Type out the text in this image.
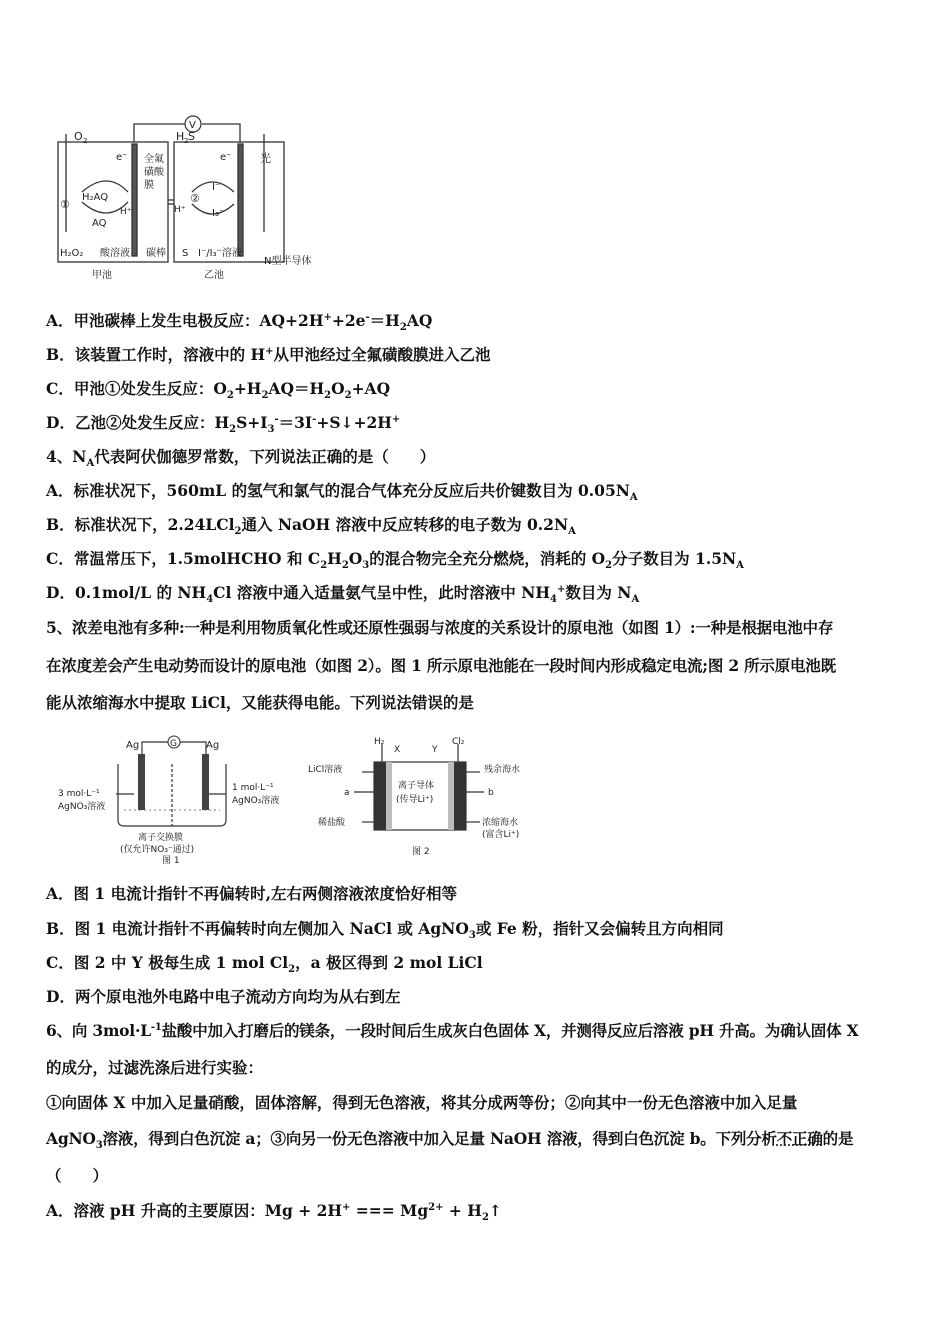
V
O 2
e⁻ 全氟
磺酸
膜
H 2 S
e⁻	光
①
H₂AQ
AQ
H⁺	H⁺
②
I⁻
I₃⁻
H₂O₂ 酸溶液 碳棒 S I⁻/I₃⁻溶液
N型半导体
甲池	乙池
A．甲池碳棒上发生电极反应：$AQ+2H^++2e^-=H_2AQ$
B．该装置工作时，溶液中的 H+从甲池经过全氟磺酸膜进入乙池
C．甲池①处发生反应：$O_2+H_2AQ=H_2O_2+AQ$
D．乙池②处发生反应：$H_2S+I_3^-=3I^-+S↓+2H^+$
4、$N_A$代表阿伏伽德罗常数，下列说法正确的是（　　）
A．标准状况下，560mL 的氢气和氯气的混合气体充分反应后共价键数目为 $0.05N_A$
B．标准状况下，2.24LCl$_2$通入 NaOH 溶液中反应转移的电子数为 $0.2N_A$
C．常温常压下，1.5molHCHO 和 $C_2H_2O_3$的混合物完全充分燃烧，消耗的 $O_2$分子数目为 $1.5N_A$
D．0.1mol/L 的 $NH_4Cl$ 溶液中通入适量氨气呈中性，此时溶液中 $NH_4^+$数目为 $N_A$
5、浓差电池有多种:一种是利用物质氧化性或还原性强弱与浓度的关系设计的原电池（如图 1）:一种是根据电池中存
在浓度差会产生电动势而设计的原电池（如图 2）。图 1 所示原电池能在一段时间内形成稳定电流;图 2 所示原电池既
能从浓缩海水中提取 LiCl，又能获得电能。下列说法错误的是
G
Ag	Ag
3 mol·L⁻¹
AgNO₃溶液
1 mol·L⁻¹
AgNO₃溶液
离子交换膜
(仅允许NO₃⁻通过)
图 1
H₂
X	Y
Cl₂
LiCl溶液
a	b
离子导体
(传导Li⁺)
残余海水
稀盐酸	浓缩海水
(富含Li⁺)
图 2
A．图 1 电流计指针不再偏转时,左右两侧溶液浓度恰好相等
B．图 1 电流计指针不再偏转时向左侧加入 NaCl 或 AgNO$_3$或 Fe 粉，指针又会偏转且方向相同
C．图 2 中 Y 极每生成 1 mol $Cl_2$，a 极区得到 2 mol LiCl
D．两个原电池外电路中电子流动方向均为从右到左
6、向 $3mol\cdot L^{-1}$盐酸中加入打磨后的镁条，一段时间后生成灰白色固体 X，并测得反应后溶液 pH 升高。为确认固体 X
的成分，过滤洗涤后进行实验：
①向固体 X 中加入足量硝酸，固体溶解，得到无色溶液，将其分成两等份；②向其中一份无色溶液中加入足量
AgNO$_3$溶液，得到白色沉淀 a；③向另一份无色溶液中加入足量 NaOH 溶液，得到白色沉淀 b。下列分析不正确的是
（　　）
A．溶液 pH 升高的主要原因：Mg + 2H+ === $Mg^{2+}$ + $H_2↑$
